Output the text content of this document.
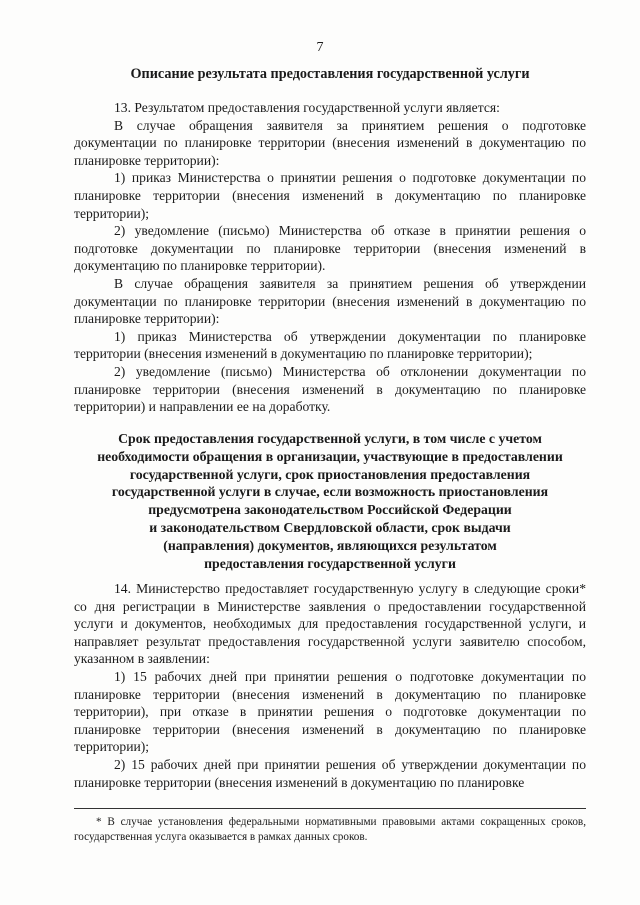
7
Описание результата предоставления государственной услуги

13. Результатом предоставления государственной услуги является:

В случае обращения заявителя за принятием решения о подготовке документации по планировке территории (внесения изменений в документацию по планировке территории):

1) приказ Министерства о принятии решения о подготовке документации по планировке территории (внесения изменений в документацию по планировке территории);

2) уведомление (письмо) Министерства об отказе в принятии решения о подготовке документации по планировке территории (внесения изменений в документацию по планировке территории).

В случае обращения заявителя за принятием решения об утверждении документации по планировке территории (внесения изменений в документацию по планировке территории):

1) приказ Министерства об утверждении документации по планировке территории (внесения изменений в документацию по планировке территории);

2) уведомление (письмо) Министерства об отклонении документации по планировке территории (внесения изменений в документацию по планировке территории) и направлении ее на доработку.

Срок предоставления государственной услуги, в том числе с учетом
необходимости обращения в организации, участвующие в предоставлении
государственной услуги, срок приостановления предоставления
государственной услуги в случае, если возможность приостановления
предусмотрена законодательством Российской Федерации
и законодательством Свердловской области, срок выдачи
(направления) документов, являющихся результатом
предоставления государственной услуги

14. Министерство предоставляет государственную услугу в следующие сроки* со дня регистрации в Министерстве заявления о предоставлении государственной услуги и документов, необходимых для предоставления государственной услуги, и направляет результат предоставления государственной услуги заявителю способом, указанном в заявлении:

1) 15 рабочих дней при принятии решения о подготовке документации по планировке территории (внесения изменений в документацию по планировке территории), при отказе в принятии решения о подготовке документации по планировке территории (внесения изменений в документацию по планировке территории);

2) 15 рабочих дней при принятии решения об утверждении документации по планировке территории (внесения изменений в документацию по планировке

* В случае установления федеральными нормативными правовыми актами сокращенных сроков, государственная услуга оказывается в рамках данных сроков.
